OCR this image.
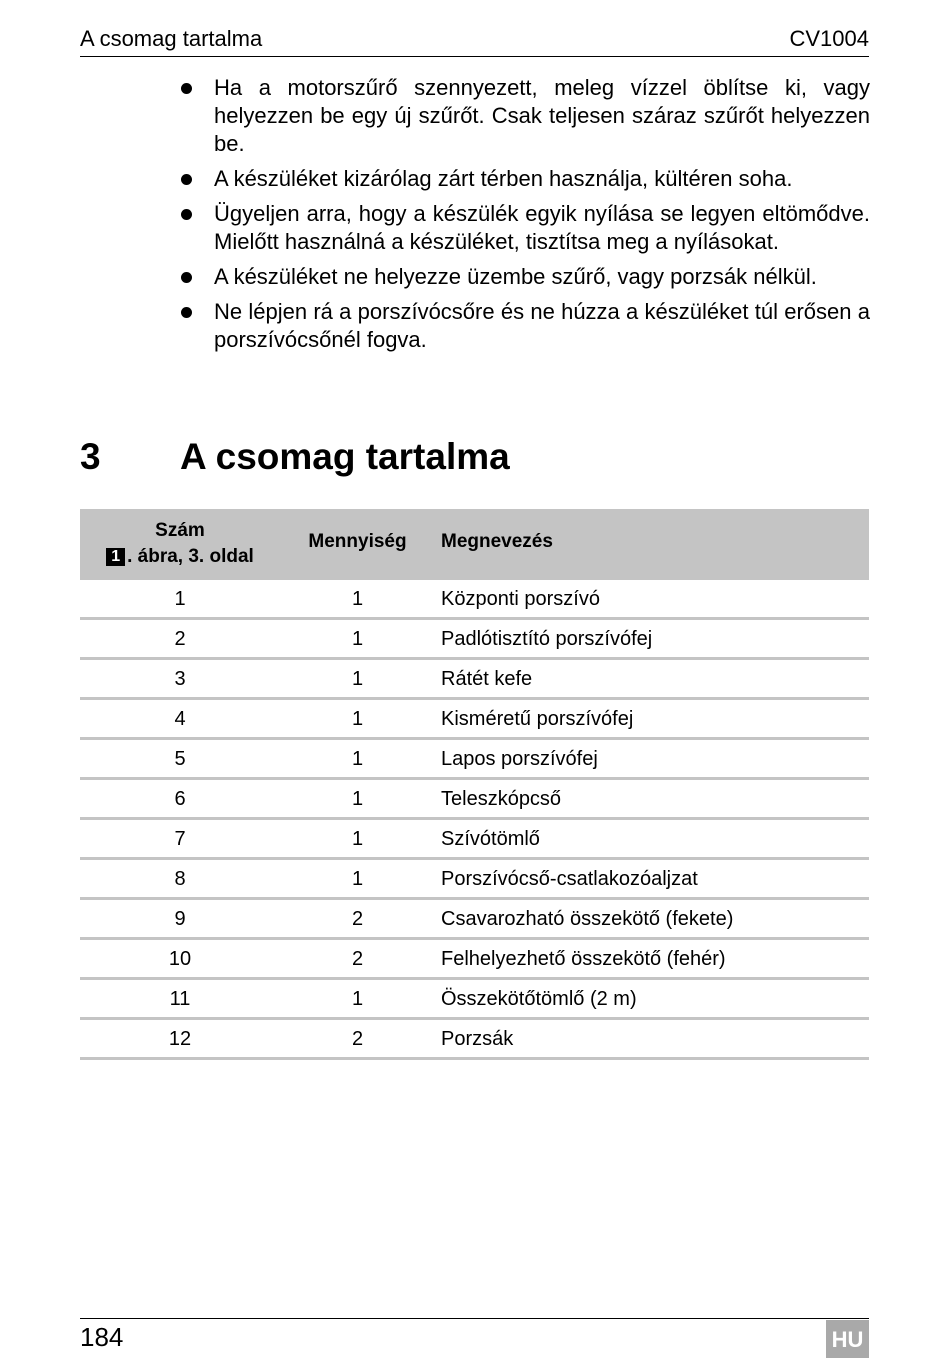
A csomag tartalma	CV1004
Ha a motorszűrő szennyezett, meleg vízzel öblítse ki, vagy helyezzen be egy új szűrőt. Csak teljesen száraz szűrőt helyezzen be.
A készüléket kizárólag zárt térben használja, kültéren soha.
Ügyeljen arra, hogy a készülék egyik nyílása se legyen eltömődve. Mielőtt használná a készüléket, tisztítsa meg a nyílásokat.
A készüléket ne helyezze üzembe szűrő, vagy porzsák nélkül.
Ne lépjen rá a porszívócsőre és ne húzza a készüléket túl erősen a porszívócsőnél fogva.
3 A csomag tartalma
Szám
1 . ábra, 3. oldal
Mennyiség	Megnevezés
1	1	Központi porszívó
2	1	Padlótisztító porszívófej
3	1	Rátét kefe
4	1	Kisméretű porszívófej
5	1	Lapos porszívófej
6	1	Teleszkópcső
7	1	Szívótömlő
8	1	Porszívócső-csatlakozóaljzat
9	2	Csavarozható összekötő (fekete)
10	2	Felhelyezhető összekötő (fehér)
11	1	Összekötőtömlő (2 m)
12	2	Porzsák
184	HU
